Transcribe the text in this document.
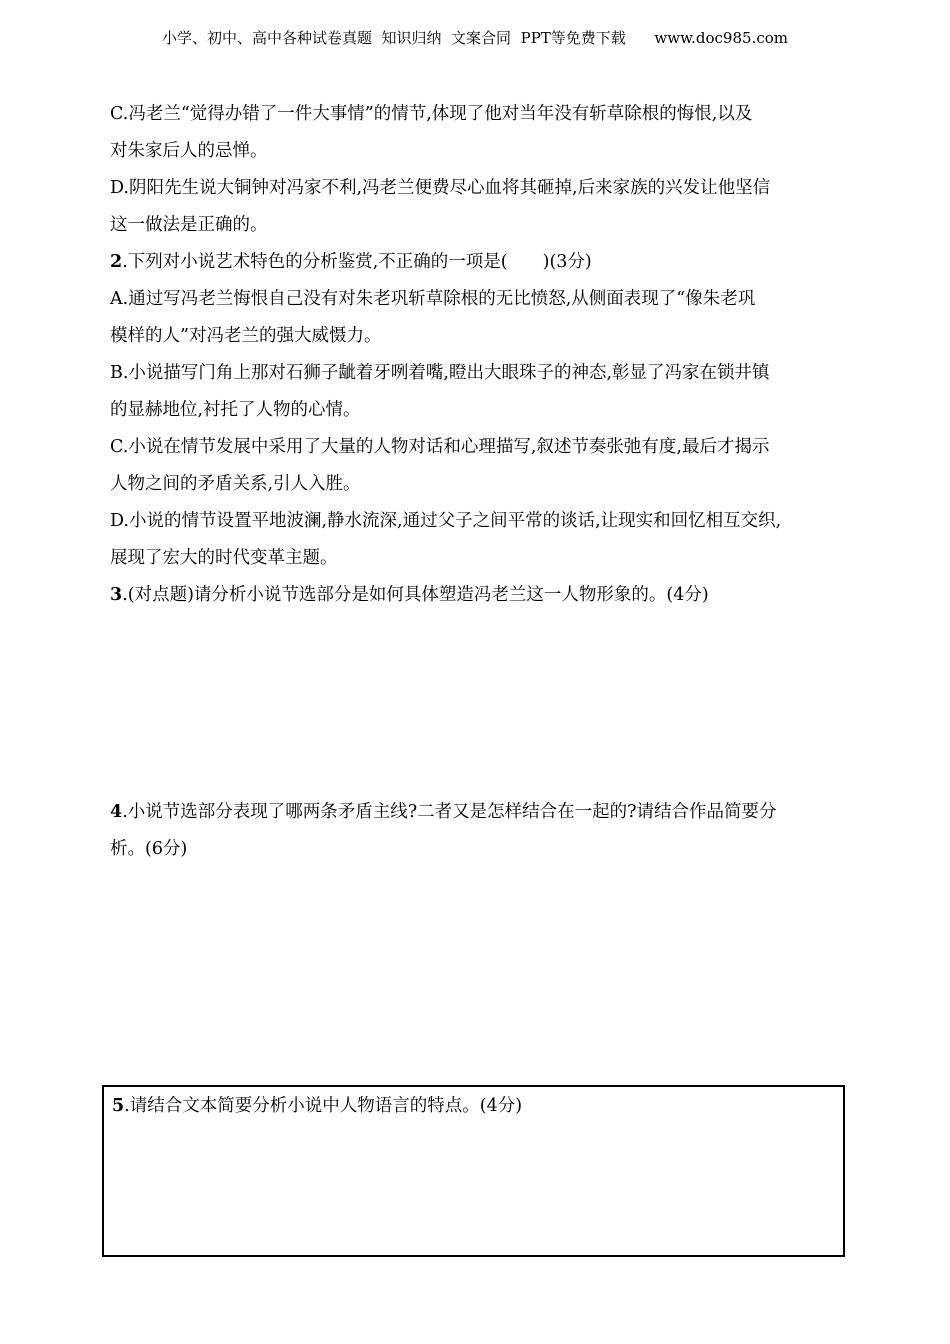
小学、初中、高中各种试卷真题  知识归纳  文案合同  PPT等免费下载      www.doc985.com

C.冯老兰“觉得办错了一件大事情”的情节,体现了他对当年没有斩草除根的悔恨,以及
对朱家后人的忌惮。

D.阴阳先生说大铜钟对冯家不利,冯老兰便费尽心血将其砸掉,后来家族的兴发让他坚信
这一做法是正确的。

2.下列对小说艺术特色的分析鉴赏,不正确的一项是(　　)(3分)

A.通过写冯老兰悔恨自己没有对朱老巩斩草除根的无比愤怒,从侧面表现了“像朱老巩
模样的人”对冯老兰的强大威慑力。

B.小说描写门角上那对石狮子龇着牙咧着嘴,瞪出大眼珠子的神态,彰显了冯家在锁井镇
的显赫地位,衬托了人物的心情。

C.小说在情节发展中采用了大量的人物对话和心理描写,叙述节奏张弛有度,最后才揭示
人物之间的矛盾关系,引人入胜。

D.小说的情节设置平地波澜,静水流深,通过父子之间平常的谈话,让现实和回忆相互交织,
展现了宏大的时代变革主题。

3.(对点题)请分析小说节选部分是如何具体塑造冯老兰这一人物形象的。(4分)

4.小说节选部分表现了哪两条矛盾主线?二者又是怎样结合在一起的?请结合作品简要分
析。(6分)

5.请结合文本简要分析小说中人物语言的特点。(4分)
